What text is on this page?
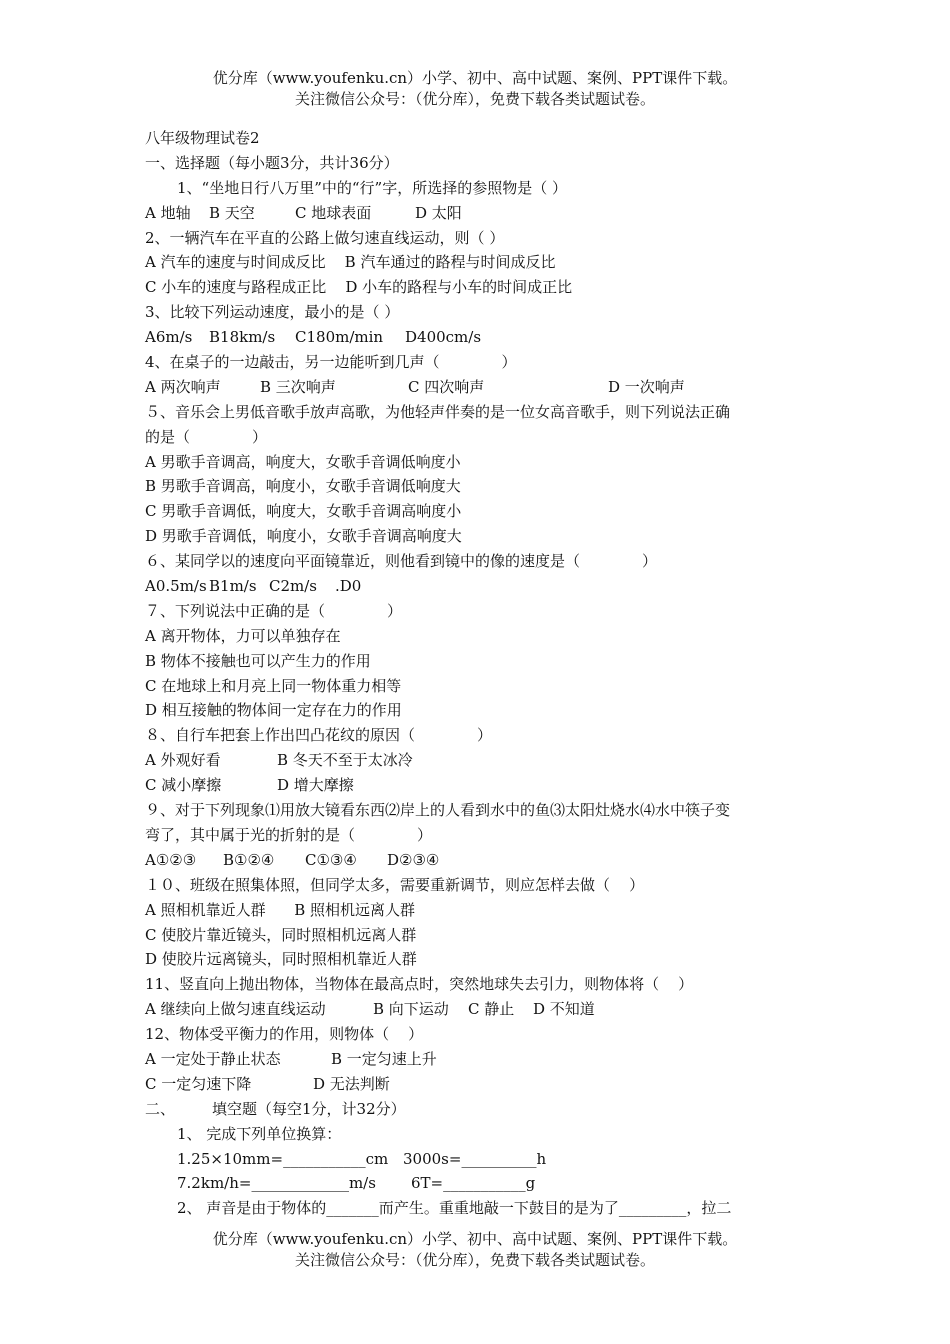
优分库（www.youfenku.cn）小学、初中、高中试题、案例、PPT课件下载。
关注微信公众号：（优分库），免费下载各类试题试卷。
八年级物理试卷2
一、选择题（每小题3分，共计36分）
1、“坐地日行八万里”中的“行”字，所选择的参照物是（ ）
A 地轴 B 天空	C 地球表面	D 太阳
2、一辆汽车在平直的公路上做匀速直线运动，则（ ）
A 汽车的速度与时间成反比    B 汽车通过的路程与时间成反比
C 小车的速度与路程成正比    D 小车的路程与小车的时间成正比
3、比较下列运动速度，最小的是（ ）
A6m/s B18km/s C180m/min D400cm/s
4、在桌子的一边敲击，另一边能听到几声（             ）
A 两次响声	B 三次响声	C 四次响声	D 一次响声
５、音乐会上男低音歌手放声高歌，为他轻声伴奏的是一位女高音歌手，则下列说法正确
的是（             ）
A 男歌手音调高，响度大，女歌手音调低响度小
B 男歌手音调高，响度小，女歌手音调低响度大
C 男歌手音调低，响度大，女歌手音调高响度小
D 男歌手音调低，响度小，女歌手音调高响度大
６、某同学以的速度向平面镜靠近，则他看到镜中的像的速度是（             ）
A0.5m/s B1m/s C2m/s .D0
７、下列说法中正确的是（             ）
A 离开物体，力可以单独存在
B 物体不接触也可以产生力的作用
C 在地球上和月亮上同一物体重力相等
D 相互接触的物体间一定存在力的作用
８、自行车把套上作出凹凸花纹的原因（             ）
A 外观好看	B 冬天不至于太冰冷
C 减小摩擦	D 增大摩擦
９、对于下列现象⑴用放大镜看东西⑵岸上的人看到水中的鱼⑶太阳灶烧水⑷水中筷子变
弯了，其中属于光的折射的是（             ）
A①②③ B①②④ C①③④ D②③④
１０、班级在照集体照，但同学太多，需要重新调节，则应怎样去做（    ）
A 照相机靠近人群      B 照相机远离人群
C 使胶片靠近镜头，同时照相机远离人群
D 使胶片远离镜头，同时照相机靠近人群
11、竖直向上抛出物体，当物体在最高点时，突然地球失去引力，则物体将（    ）
A 继续向上做匀速直线运动	B 向下运动 C 静止 D 不知道
12、物体受平衡力的作用，则物体（    ）
A 一定处于静止状态	B 一定匀速上升
C 一定匀速下降	D 无法判断
二、 填空题（每空1分，计32分）
1、 完成下列单位换算：
1.25×10mm=___________cm 3000s=__________h
7.2km/h=_____________m/s 6T=___________g
2、 声音是由于物体的_______而产生。重重地敲一下鼓目的是为了_________，拉二
优分库（www.youfenku.cn）小学、初中、高中试题、案例、PPT课件下载。
关注微信公众号：（优分库），免费下载各类试题试卷。
